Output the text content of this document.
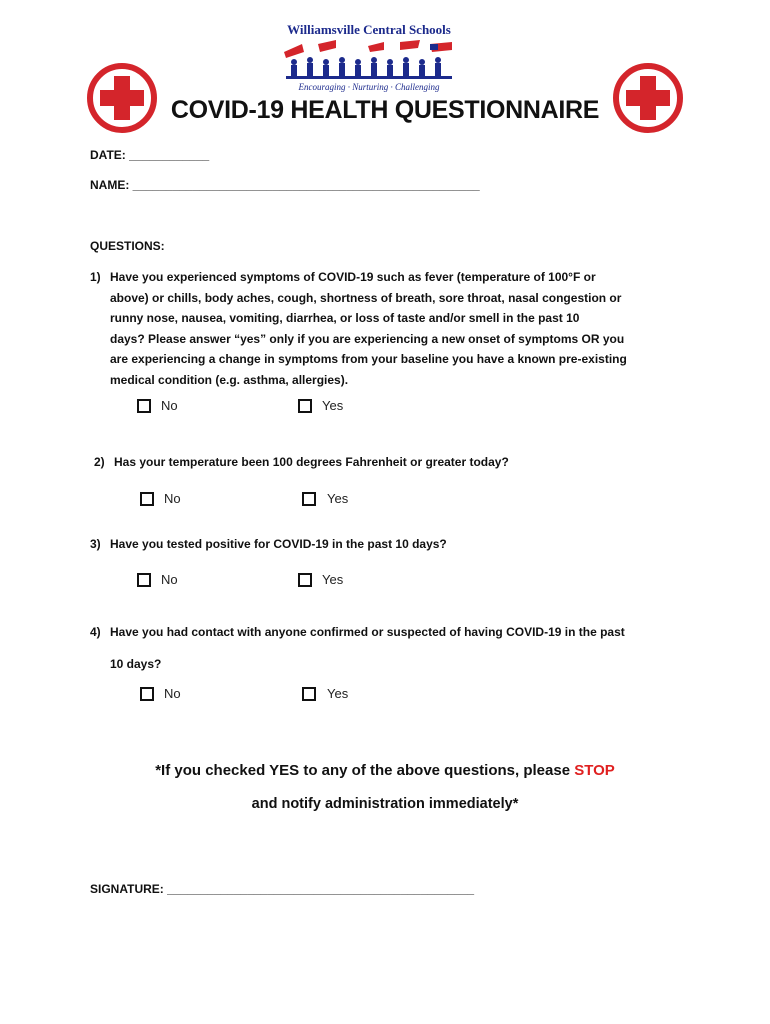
Williamsville Central Schools
Encouraging · Nurturing · Challenging
COVID-19 HEALTH QUESTIONNAIRE
DATE: ____________
NAME: ____________________________________________________
QUESTIONS:
1) Have you experienced symptoms of COVID-19 such as fever (temperature of 100°F or
above) or chills, body aches, cough, shortness of breath, sore throat, nasal congestion or
runny nose, nausea, vomiting, diarrhea, or loss of taste and/or smell in the past 10
days? Please answer “yes” only if you are experiencing a new onset of symptoms OR you
are experiencing a change in symptoms from your baseline you have a known pre-existing
medical condition (e.g. asthma, allergies).
No	Yes
2) Has your temperature been 100 degrees Fahrenheit or greater today?
No	Yes
3) Have you tested positive for COVID-19 in the past 10 days?
No	Yes
4) Have you had contact with anyone confirmed or suspected of having COVID-19 in the past
10 days?
No	Yes
*If you checked YES to any of the above questions, please STOP
and notify administration immediately*
SIGNATURE: ______________________________________________
